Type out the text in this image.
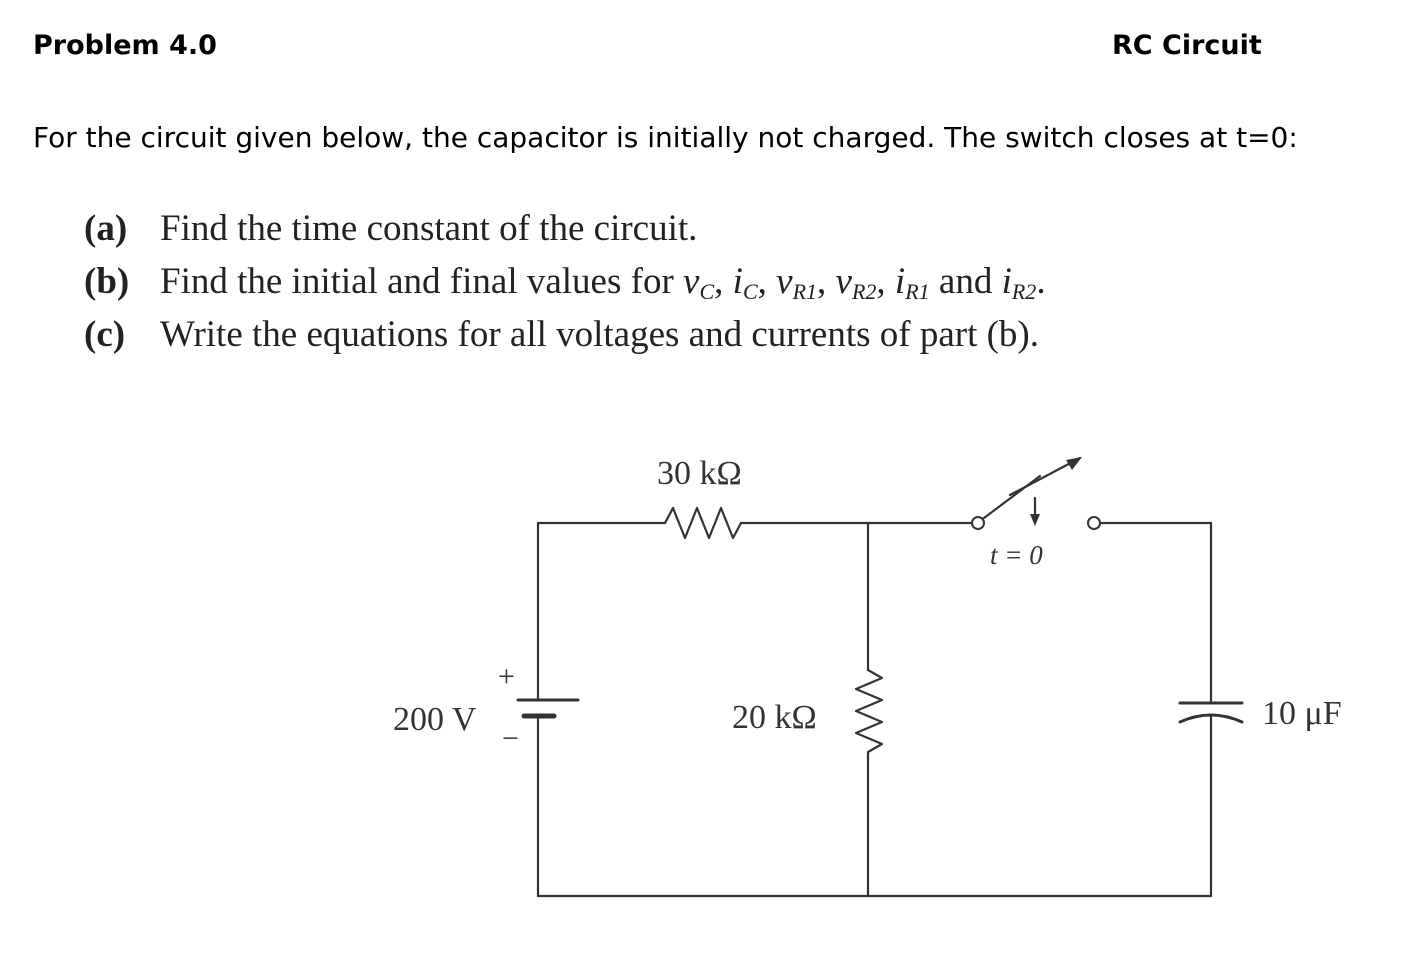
Problem 4.0	RC Circuit
For the circuit given below, the capacitor is initially not charged. The switch closes at t=0:
(a) Find the time constant of the circuit.
(b) Find the initial and final values for $v_C$, $i_C$, $v_{R1}$, $v_{R2}$, $i_{R1}$ and $i_{R2}$.
(c) Write the equations for all voltages and currents of part (b).
30 kΩ
20 kΩ
200 V
+
−
10 μF
t = 0
